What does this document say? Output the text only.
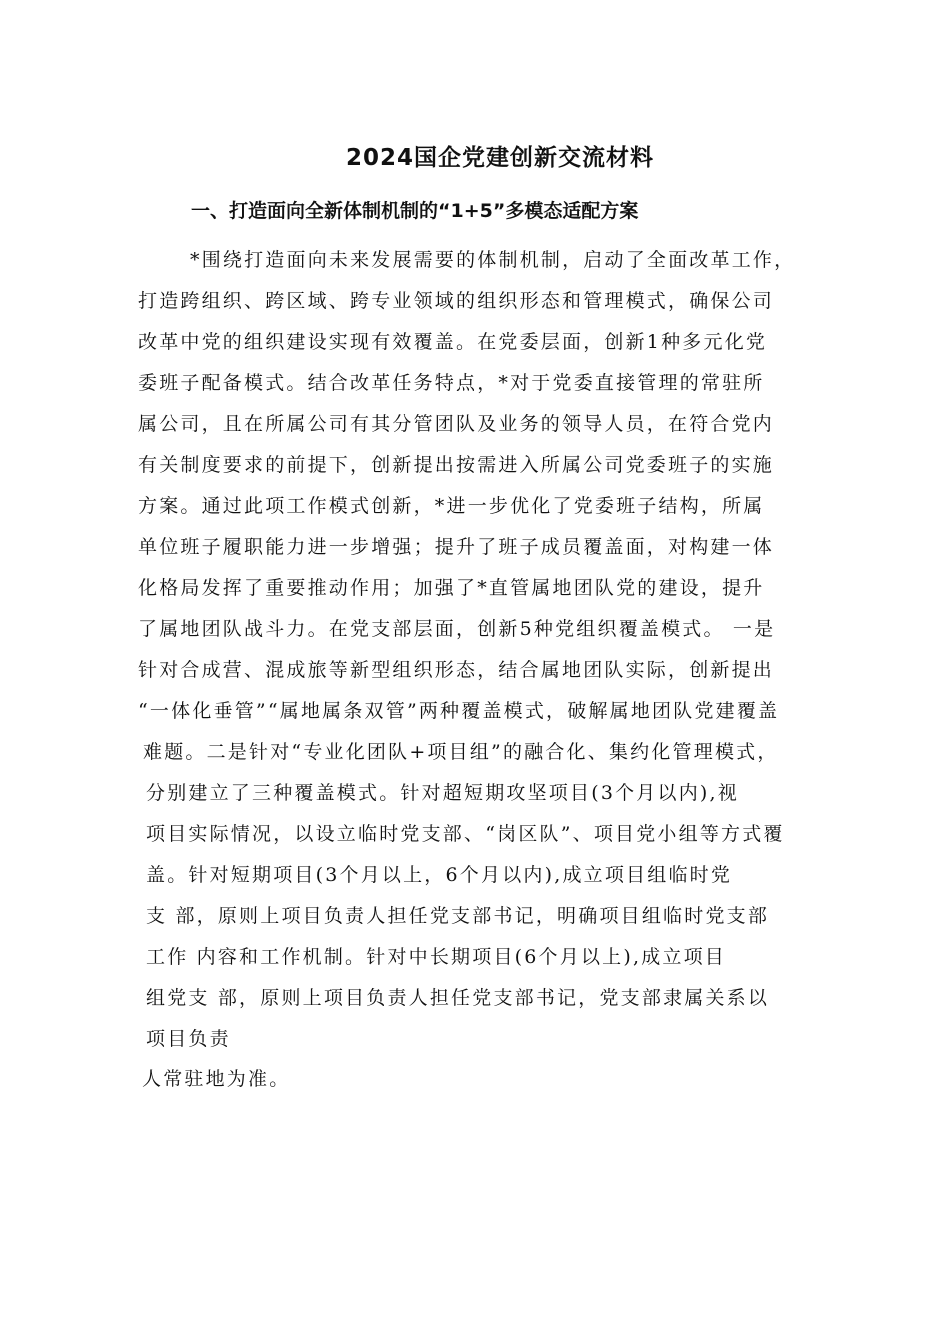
2024国企党建创新交流材料
一、打造面向全新体制机制的“1+5”多模态适配方案
*围绕打造面向未来发展需要的体制机制，启动了全面改革工作，
打造跨组织、跨区域、跨专业领域的组织形态和管理模式，确保公司
改革中党的组织建设实现有效覆盖。在党委层面，创新1种多元化党
委班子配备模式。结合改革任务特点，*对于党委直接管理的常驻所
属公司，且在所属公司有其分管团队及业务的领导人员，在符合党内
有关制度要求的前提下，创新提出按需进入所属公司党委班子的实施
方案。通过此项工作模式创新，*进一步优化了党委班子结构，所属
单位班子履职能力进一步增强；提升了班子成员覆盖面，对构建一体
化格局发挥了重要推动作用；加强了*直管属地团队党的建设，提升
了属地团队战斗力。在党支部层面，创新5种党组织覆盖模式。 一是
针对合成营、混成旅等新型组织形态，结合属地团队实际，创新提出
“一体化垂管”“属地属条双管”两种覆盖模式，破解属地团队党建覆盖
难题。二是针对“专业化团队+项目组”的融合化、集约化管理模式，
分别建立了三种覆盖模式。针对超短期攻坚项目(3个月以内),视
项目实际情况，以设立临时党支部、“岗区队”、项目党小组等方式覆
盖。针对短期项目(3个月以上，6个月以内),成立项目组临时党
支 部，原则上项目负责人担任党支部书记，明确项目组临时党支部
工作 内容和工作机制。针对中长期项目(6个月以上),成立项目
组党支 部，原则上项目负责人担任党支部书记，党支部隶属关系以
项目负责
人常驻地为准。
